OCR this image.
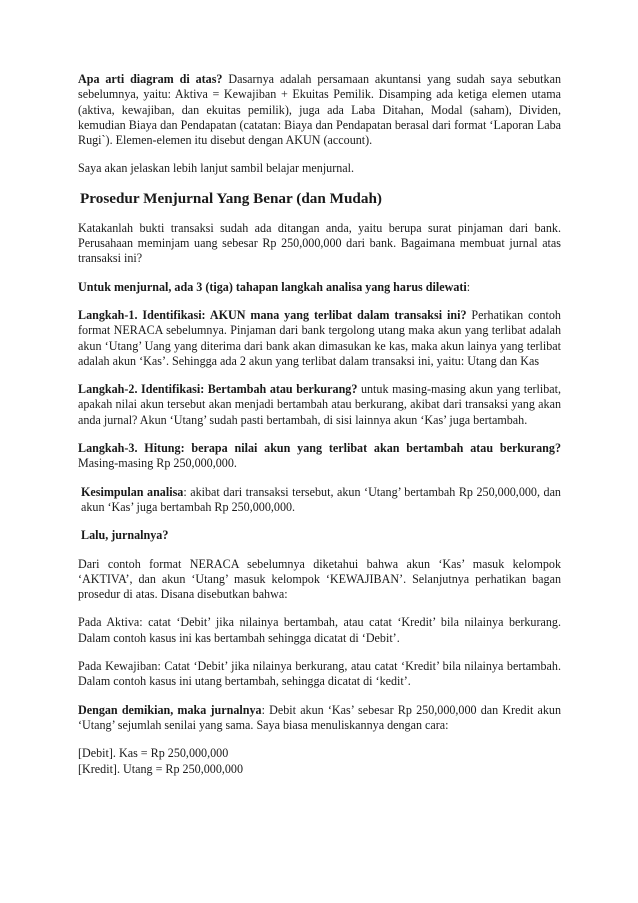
Apa arti diagram di atas? Dasarnya adalah persamaan akuntansi yang sudah saya sebutkan sebelumnya, yaitu: Aktiva = Kewajiban + Ekuitas Pemilik. Disamping ada ketiga elemen utama (aktiva, kewajiban, dan ekuitas pemilik), juga ada Laba Ditahan, Modal (saham), Dividen, kemudian Biaya dan Pendapatan (catatan: Biaya dan Pendapatan berasal dari format ‘Laporan Laba Rugi`). Elemen-elemen itu disebut dengan AKUN (account).

Saya akan jelaskan lebih lanjut sambil belajar menjurnal.

Prosedur Menjurnal Yang Benar (dan Mudah)

Katakanlah bukti transaksi sudah ada ditangan anda, yaitu berupa surat pinjaman dari bank. Perusahaan meminjam uang sebesar Rp 250,000,000 dari bank. Bagaimana membuat jurnal atas transaksi ini?

Untuk menjurnal, ada 3 (tiga) tahapan langkah analisa yang harus dilewati:

Langkah-1. Identifikasi: AKUN mana yang terlibat dalam transaksi ini? Perhatikan contoh format NERACA sebelumnya. Pinjaman dari bank tergolong utang maka akun yang terlibat adalah akun ‘Utang’ Uang yang diterima dari bank akan dimasukan ke kas, maka akun lainya yang terlibat adalah akun ‘Kas’. Sehingga ada 2 akun yang terlibat dalam transaksi ini, yaitu: Utang dan Kas

Langkah-2. Identifikasi: Bertambah atau berkurang? untuk masing-masing akun yang terlibat, apakah nilai akun tersebut akan menjadi bertambah atau berkurang, akibat dari transaksi yang akan anda jurnal? Akun ‘Utang’ sudah pasti bertambah, di sisi lainnya akun ‘Kas’ juga bertambah.

Langkah-3. Hitung: berapa nilai akun yang terlibat akan bertambah atau berkurang? Masing-masing Rp 250,000,000.

Kesimpulan analisa: akibat dari transaksi tersebut, akun ‘Utang’ bertambah Rp 250,000,000, dan akun ‘Kas’ juga bertambah Rp 250,000,000.

Lalu, jurnalnya?

Dari contoh format NERACA sebelumnya diketahui bahwa akun ‘Kas’ masuk kelompok ‘AKTIVA’, dan akun ‘Utang’ masuk kelompok ‘KEWAJIBAN’. Selanjutnya perhatikan bagan prosedur di atas. Disana disebutkan bahwa:

Pada Aktiva: catat ‘Debit’ jika nilainya bertambah, atau catat ‘Kredit’ bila nilainya berkurang. Dalam contoh kasus ini kas bertambah sehingga dicatat di ‘Debit’.

Pada Kewajiban: Catat ‘Debit’ jika nilainya berkurang, atau catat ‘Kredit’ bila nilainya bertambah. Dalam contoh kasus ini utang bertambah, sehingga dicatat di ‘kedit’.

Dengan demikian, maka jurnalnya: Debit akun ‘Kas’ sebesar Rp 250,000,000 dan Kredit akun ‘Utang’ sejumlah senilai yang sama. Saya biasa menuliskannya dengan cara:

[Debit]. Kas = Rp 250,000,000

[Kredit]. Utang = Rp 250,000,000
